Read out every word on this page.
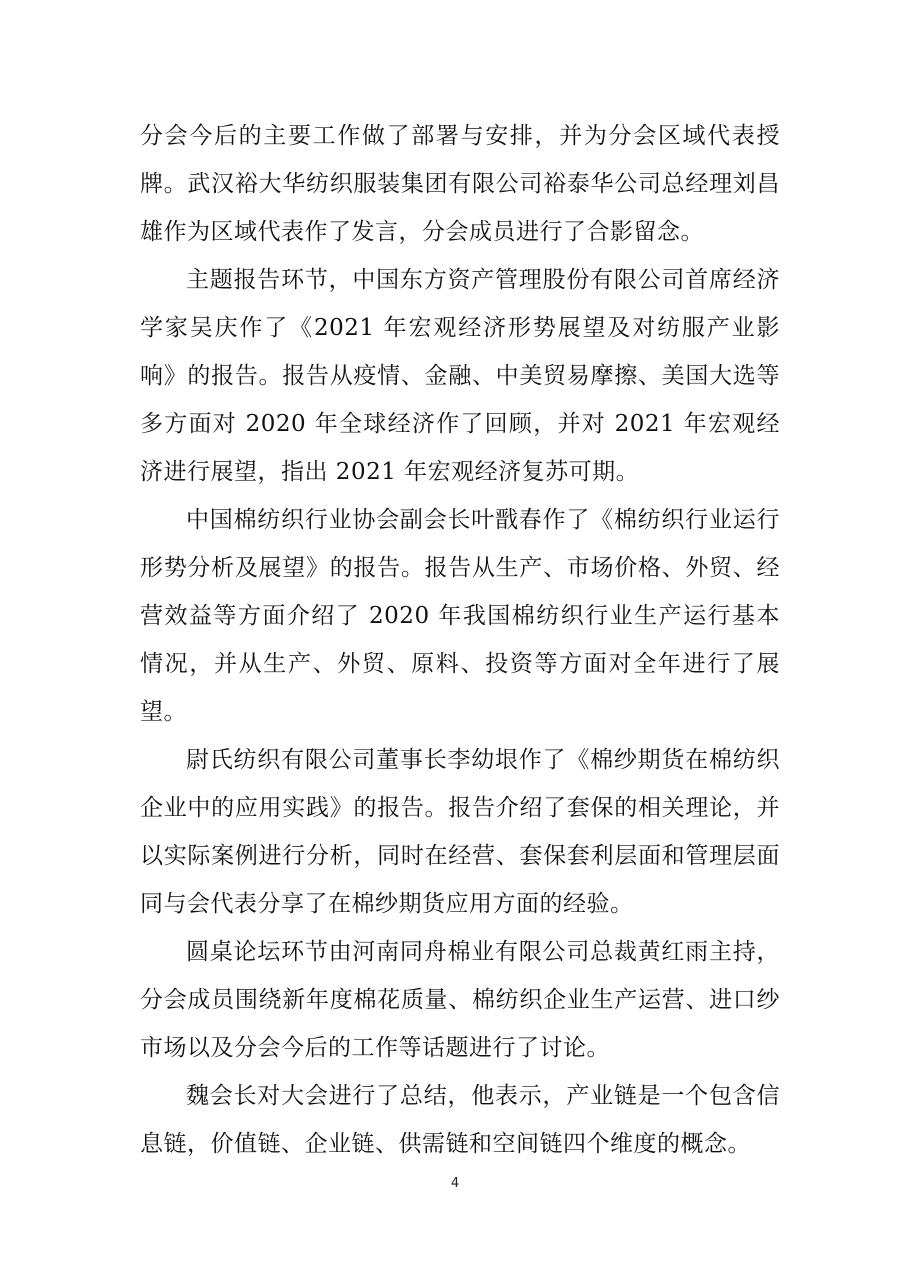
分会今后的主要工作做了部署与安排，并为分会区域代表授牌。武汉裕大华纺织服装集团有限公司裕泰华公司总经理刘昌雄作为区域代表作了发言，分会成员进行了合影留念。

主题报告环节，中国东方资产管理股份有限公司首席经济学家吴庆作了《2021 年宏观经济形势展望及对纺服产业影响》的报告。报告从疫情、金融、中美贸易摩擦、美国大选等多方面对 2020 年全球经济作了回顾，并对 2021 年宏观经济进行展望，指出 2021 年宏观经济复苏可期。

中国棉纺织行业协会副会长叶戬春作了《棉纺织行业运行形势分析及展望》的报告。报告从生产、市场价格、外贸、经营效益等方面介绍了 2020 年我国棉纺织行业生产运行基本情况，并从生产、外贸、原料、投资等方面对全年进行了展望。

尉氏纺织有限公司董事长李幼垠作了《棉纱期货在棉纺织企业中的应用实践》的报告。报告介绍了套保的相关理论，并以实际案例进行分析，同时在经营、套保套利层面和管理层面同与会代表分享了在棉纱期货应用方面的经验。

圆桌论坛环节由河南同舟棉业有限公司总裁黄红雨主持，分会成员围绕新年度棉花质量、棉纺织企业生产运营、进口纱市场以及分会今后的工作等话题进行了讨论。

魏会长对大会进行了总结，他表示，产业链是一个包含信息链，价值链、企业链、供需链和空间链四个维度的概念。

4
